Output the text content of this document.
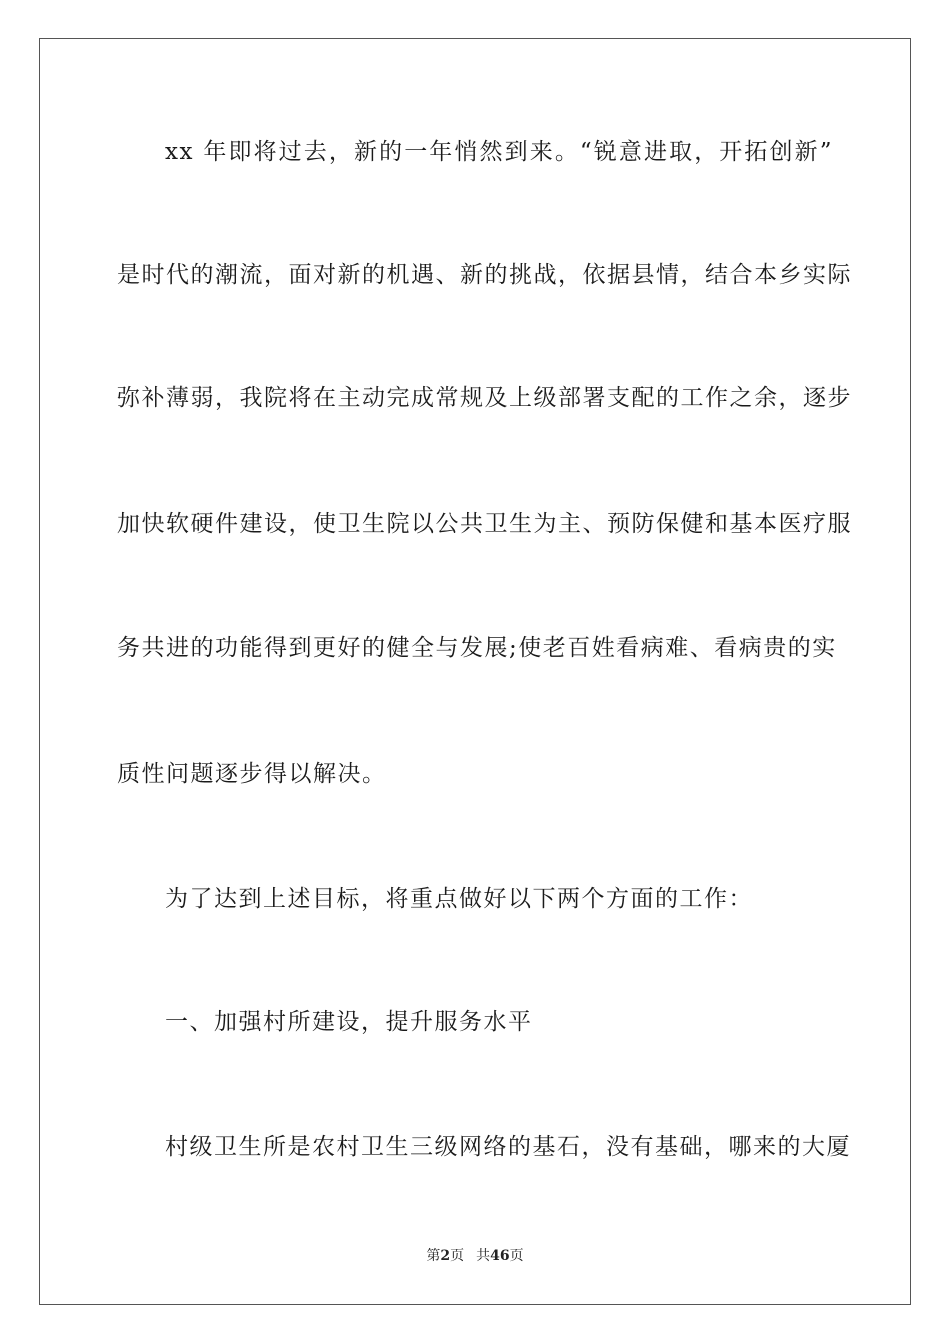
xx 年即将过去，新的一年悄然到来。“锐意进取，开拓创新”
是时代的潮流，面对新的机遇、新的挑战，依据县情，结合本乡实际
弥补薄弱，我院将在主动完成常规及上级部署支配的工作之余，逐步
加快软硬件建设，使卫生院以公共卫生为主、预防保健和基本医疗服
务共进的功能得到更好的健全与发展;使老百姓看病难、看病贵的实
质性问题逐步得以解决。
为了达到上述目标，将重点做好以下两个方面的工作：
一、加强村所建设，提升服务水平
村级卫生所是农村卫生三级网络的基石，没有基础，哪来的大厦
第2页 共46页
